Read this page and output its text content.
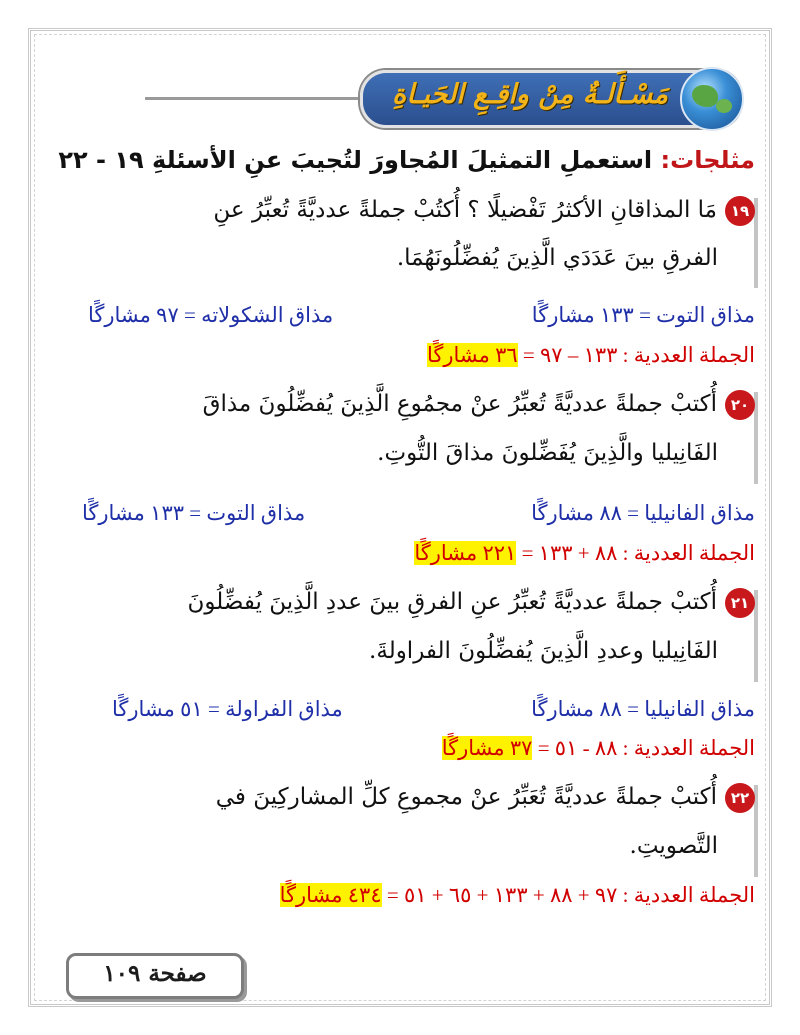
مَسْـأَلـةٌ مِنْ واقِـعِ الحَيـاةِ
مثلجات: استعملِ التمثيلَ المُجاورَ لتُجيبَ عنِ الأسئلةِ ١٩ - ٢٢
١٩مَا المذاقانِ الأكثرُ تَفْضيلًا ؟ أُكتُبْ جملةً عدديَّةً تُعبِّرُ عنِ
الفرقِ بينَ عَدَدَي الَّذِينَ يُفضِّلُونَهُمَا.
مذاق التوت = ١٣٣ مشارگًا
مذاق الشكولاته = ٩٧ مشارگًا
الجملة العددية : ١٣٣ – ٩٧ = ٣٦ مشارگًا
٢٠أُكتبْ جملةً عدديَّةً تُعبِّرُ عنْ مجمُوعِ الَّذِينَ يُفضِّلُونَ مذاقَ
الفَانِيليا والَّذِينَ يُفَضِّلونَ مذاقَ التُّوتِ.
مذاق الفانيليا = ٨٨ مشارگًا
مذاق التوت = ١٣٣ مشارگًا
الجملة العددية : ٨٨ + ١٣٣ = ٢٢١ مشارگًا
٢١أُكتبْ جملةً عدديَّةً تُعبِّرُ عنِ الفرقِ بينَ عددِ الَّذِينَ يُفضِّلُونَ
الفَانِيليا وعددِ الَّذِينَ يُفضِّلُونَ الفراولةَ.
مذاق الفانيليا = ٨٨ مشارگًا
مذاق الفراولة = ٥١ مشارگًا
الجملة العددية : ٨٨ - ٥١ = ٣٧ مشارگًا
٢٢أُكتبْ جملةً عدديَّةً تُعَبِّرُ عنْ مجموعِ كلِّ المشاركِينَ في
التَّصويتِ.
الجملة العددية : ٩٧ + ٨٨ + ١٣٣ + ٦٥ + ٥١ = ٤٣٤ مشارگًا
صفحة ١٠٩
